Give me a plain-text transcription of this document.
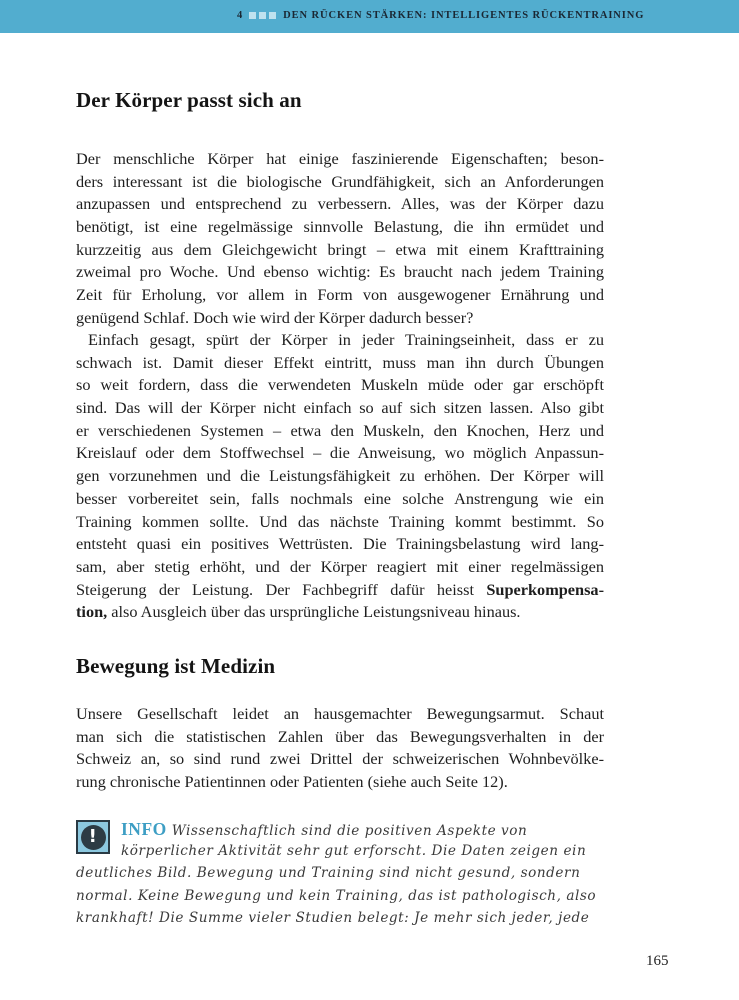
4	DEN RÜCKEN STÄRKEN: INTELLIGENTES RÜCKENTRAINING
Der Körper passt sich an
Der menschliche Körper hat einige faszinierende Eigenschaften; beson-
ders interessant ist die biologische Grundfähigkeit, sich an Anforderungen
anzupassen und entsprechend zu verbessern. Alles, was der Körper dazu
benötigt, ist eine regelmässige sinnvolle Belastung, die ihn ermüdet und
kurzzeitig aus dem Gleichgewicht bringt – etwa mit einem Krafttraining
zweimal pro Woche. Und ebenso wichtig: Es braucht nach jedem Training
Zeit für Erholung, vor allem in Form von ausgewogener Ernährung und
genügend Schlaf. Doch wie wird der Körper dadurch besser?
Einfach gesagt, spürt der Körper in jeder Trainingseinheit, dass er zu
schwach ist. Damit dieser Effekt eintritt, muss man ihn durch Übungen
so weit fordern, dass die verwendeten Muskeln müde oder gar erschöpft
sind. Das will der Körper nicht einfach so auf sich sitzen lassen. Also gibt
er verschiedenen Systemen – etwa den Muskeln, den Knochen, Herz und
Kreislauf oder dem Stoffwechsel – die Anweisung, wo möglich Anpassun-
gen vorzunehmen und die Leistungsfähigkeit zu erhöhen. Der Körper will
besser vorbereitet sein, falls nochmals eine solche Anstrengung wie ein
Training kommen sollte. Und das nächste Training kommt bestimmt. So
entsteht quasi ein positives Wettrüsten. Die Trainingsbelastung wird lang-
sam, aber stetig erhöht, und der Körper reagiert mit einer regelmässigen
Steigerung der Leistung. Der Fachbegriff dafür heisst Superkompensa-
tion, also Ausgleich über das ursprüngliche Leistungsniveau hinaus.
Bewegung ist Medizin
Unsere Gesellschaft leidet an hausgemachter Bewegungsarmut. Schaut
man sich die statistischen Zahlen über das Bewegungsverhalten in der
Schweiz an, so sind rund zwei Drittel der schweizerischen Wohnbevölke-
rung chronische Patientinnen oder Patienten (siehe auch Seite 12).
!	INFO Wissenschaftlich sind die positiven Aspekte von
körperlicher Aktivität sehr gut erforscht. Die Daten zeigen ein
deutliches Bild. Bewegung und Training sind nicht gesund, sondern
normal. Keine Bewegung und kein Training, das ist pathologisch, also
krankhaft! Die Summe vieler Studien belegt: Je mehr sich jeder, jede
165
